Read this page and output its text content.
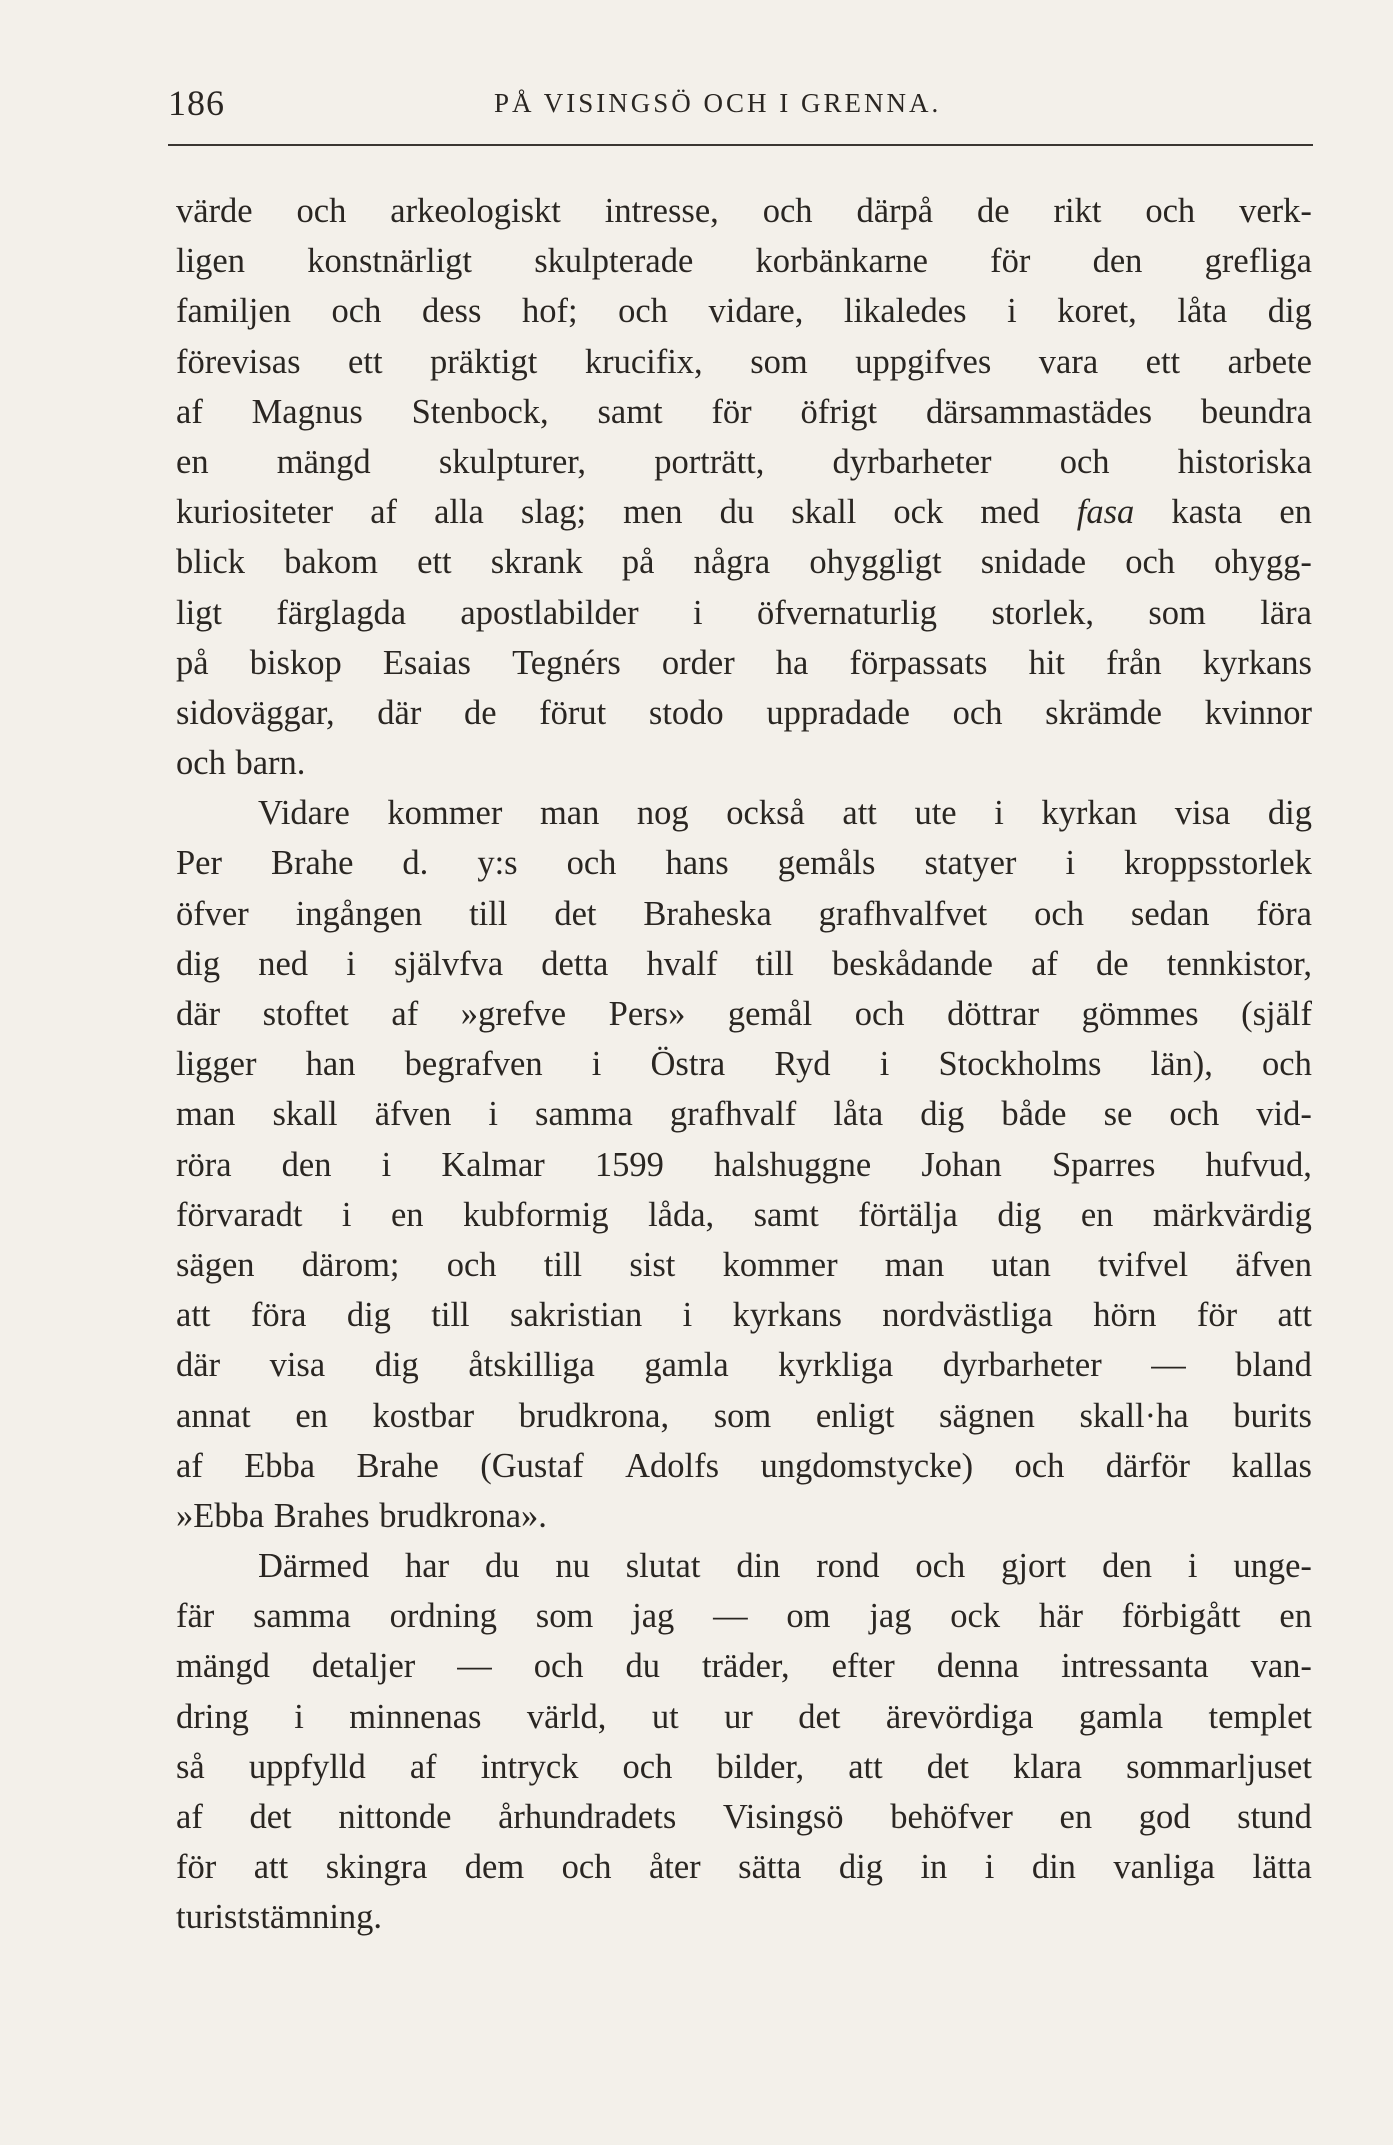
186	PÅ VISINGSÖ OCH I GRENNA.
värde och arkeologiskt intresse, och därpå de rikt och verk-
ligen konstnärligt skulpterade korbänkarne för den grefliga
familjen och dess hof; och vidare, likaledes i koret, låta dig
förevisas ett präktigt krucifix, som uppgifves vara ett arbete
af Magnus Stenbock, samt för öfrigt därsammastädes beundra
en mängd skulpturer, porträtt, dyrbarheter och historiska
kuriositeter af alla slag; men du skall ock med fasa kasta en
blick bakom ett skrank på några ohyggligt snidade och ohygg-
ligt färglagda apostlabilder i öfvernaturlig storlek, som lära
på biskop Esaias Tegnérs order ha förpassats hit från kyrkans
sidoväggar, där de förut stodo uppradade och skrämde kvinnor
och barn.
Vidare kommer man nog också att ute i kyrkan visa dig
Per Brahe d. y:s och hans gemåls statyer i kroppsstorlek
öfver ingången till det Braheska grafhvalfvet och sedan föra
dig ned i självfva detta hvalf till beskådande af de tennkistor,
där stoftet af »grefve Pers» gemål och döttrar gömmes (själf
ligger han begrafven i Östra Ryd i Stockholms län), och
man skall äfven i samma grafhvalf låta dig både se och vid-
röra den i Kalmar 1599 halshuggne Johan Sparres hufvud,
förvaradt i en kubformig låda, samt förtälja dig en märkvärdig
sägen därom; och till sist kommer man utan tvifvel äfven
att föra dig till sakristian i kyrkans nordvästliga hörn för att
där visa dig åtskilliga gamla kyrkliga dyrbarheter — bland
annat en kostbar brudkrona, som enligt sägnen skall·ha burits
af Ebba Brahe (Gustaf Adolfs ungdomstycke) och därför kallas
»Ebba Brahes brudkrona».
Därmed har du nu slutat din rond och gjort den i unge-
fär samma ordning som jag — om jag ock här förbigått en
mängd detaljer — och du träder, efter denna intressanta van-
dring i minnenas värld, ut ur det ärevördiga gamla templet
så uppfylld af intryck och bilder, att det klara sommarljuset
af det nittonde århundradets Visingsö behöfver en god stund
för att skingra dem och åter sätta dig in i din vanliga lätta
turiststämning.
